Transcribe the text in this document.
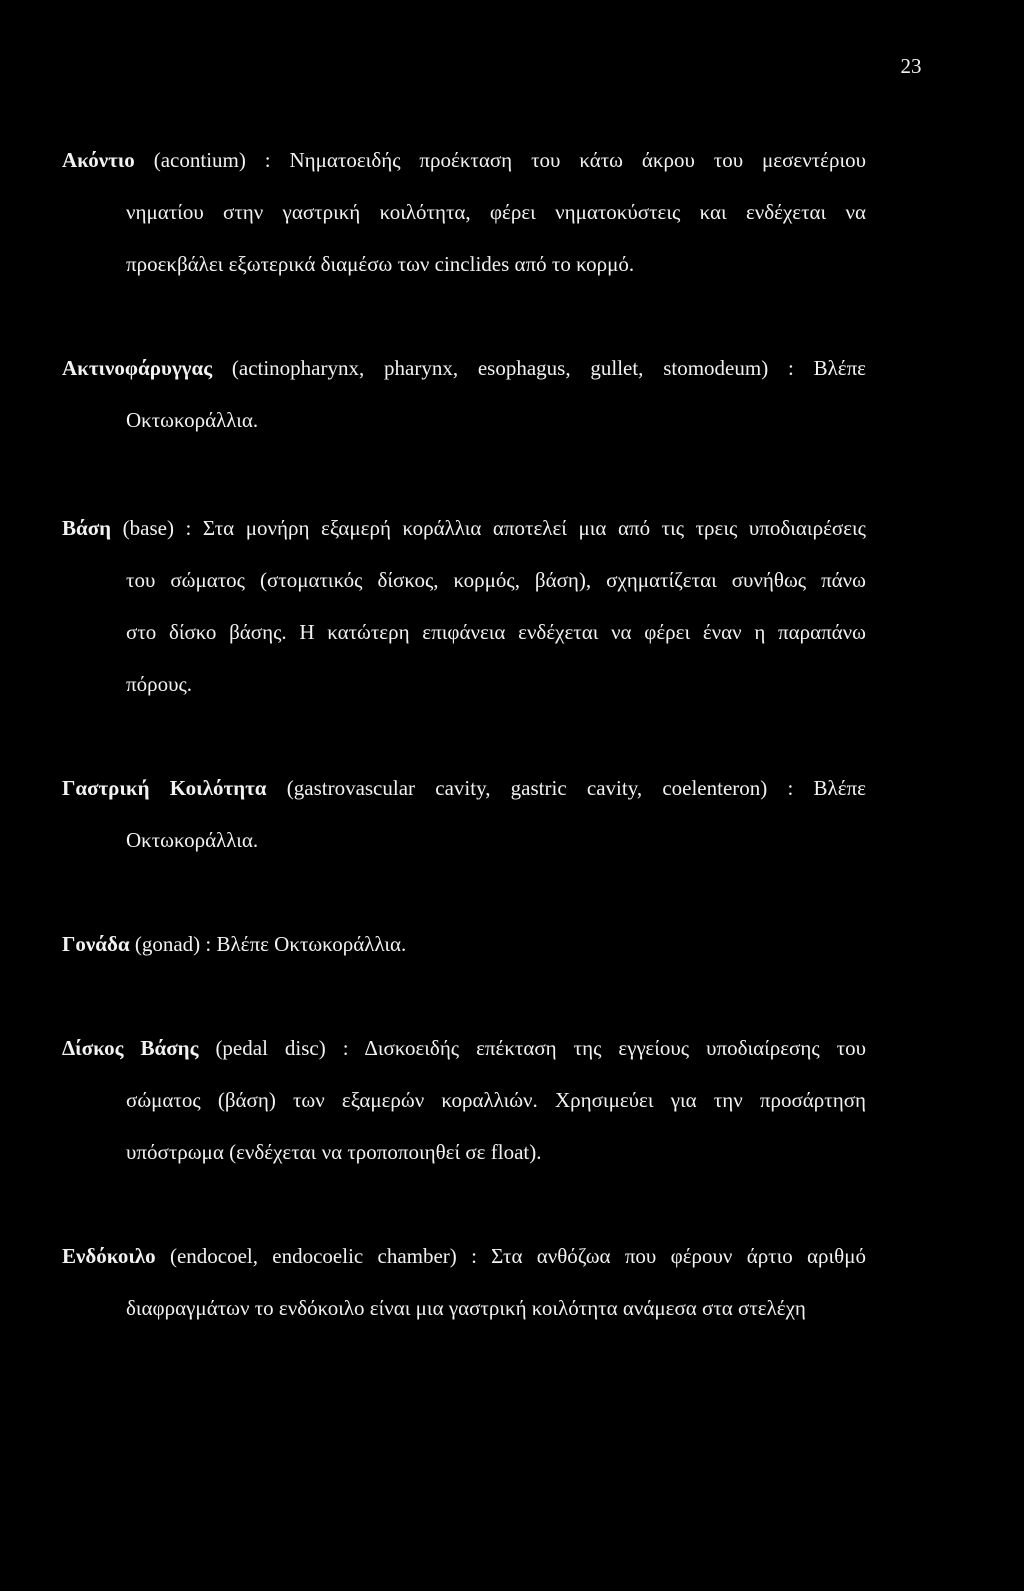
23
Ακόντιο (acontium) : Νηματοειδής προέκταση του κάτω άκρου του μεσεντέριου
νηματίου στην γαστρική κοιλότητα, φέρει νηματοκύστεις και ενδέχεται να
προεκβάλει εξωτερικά διαμέσω των cinclides από το κορμό.
Ακτινοφάρυγγας (actinopharynx, pharynx, esophagus, gullet, stomodeum) : Βλέπε
Οκτωκοράλλια.
Βάση (base) : Στα μονήρη εξαμερή κοράλλια αποτελεί μια από τις τρεις υποδιαιρέσεις
του σώματος (στοματικός δίσκος, κορμός, βάση), σχηματίζεται συνήθως πάνω
στο δίσκο βάσης. Η κατώτερη επιφάνεια ενδέχεται να φέρει έναν η παραπάνω
πόρους.
Γαστρική Κοιλότητα (gastrovascular cavity, gastric cavity, coelenteron) : Βλέπε
Οκτωκοράλλια.
Γονάδα (gonad) : Βλέπε Οκτωκοράλλια.
Δίσκος Βάσης (pedal disc) : Δισκοειδής επέκταση της εγγείους υποδιαίρεσης του
σώματος (βάση) των εξαμερών κοραλλιών. Χρησιμεύει για την προσάρτηση
υπόστρωμα (ενδέχεται να τροποποιηθεί σε float).
Ενδόκοιλο (endocoel, endocoelic chamber) : Στα ανθόζωα που φέρουν άρτιο αριθμό
διαφραγμάτων το ενδόκοιλο είναι μια γαστρική κοιλότητα ανάμεσα στα στελέχη
